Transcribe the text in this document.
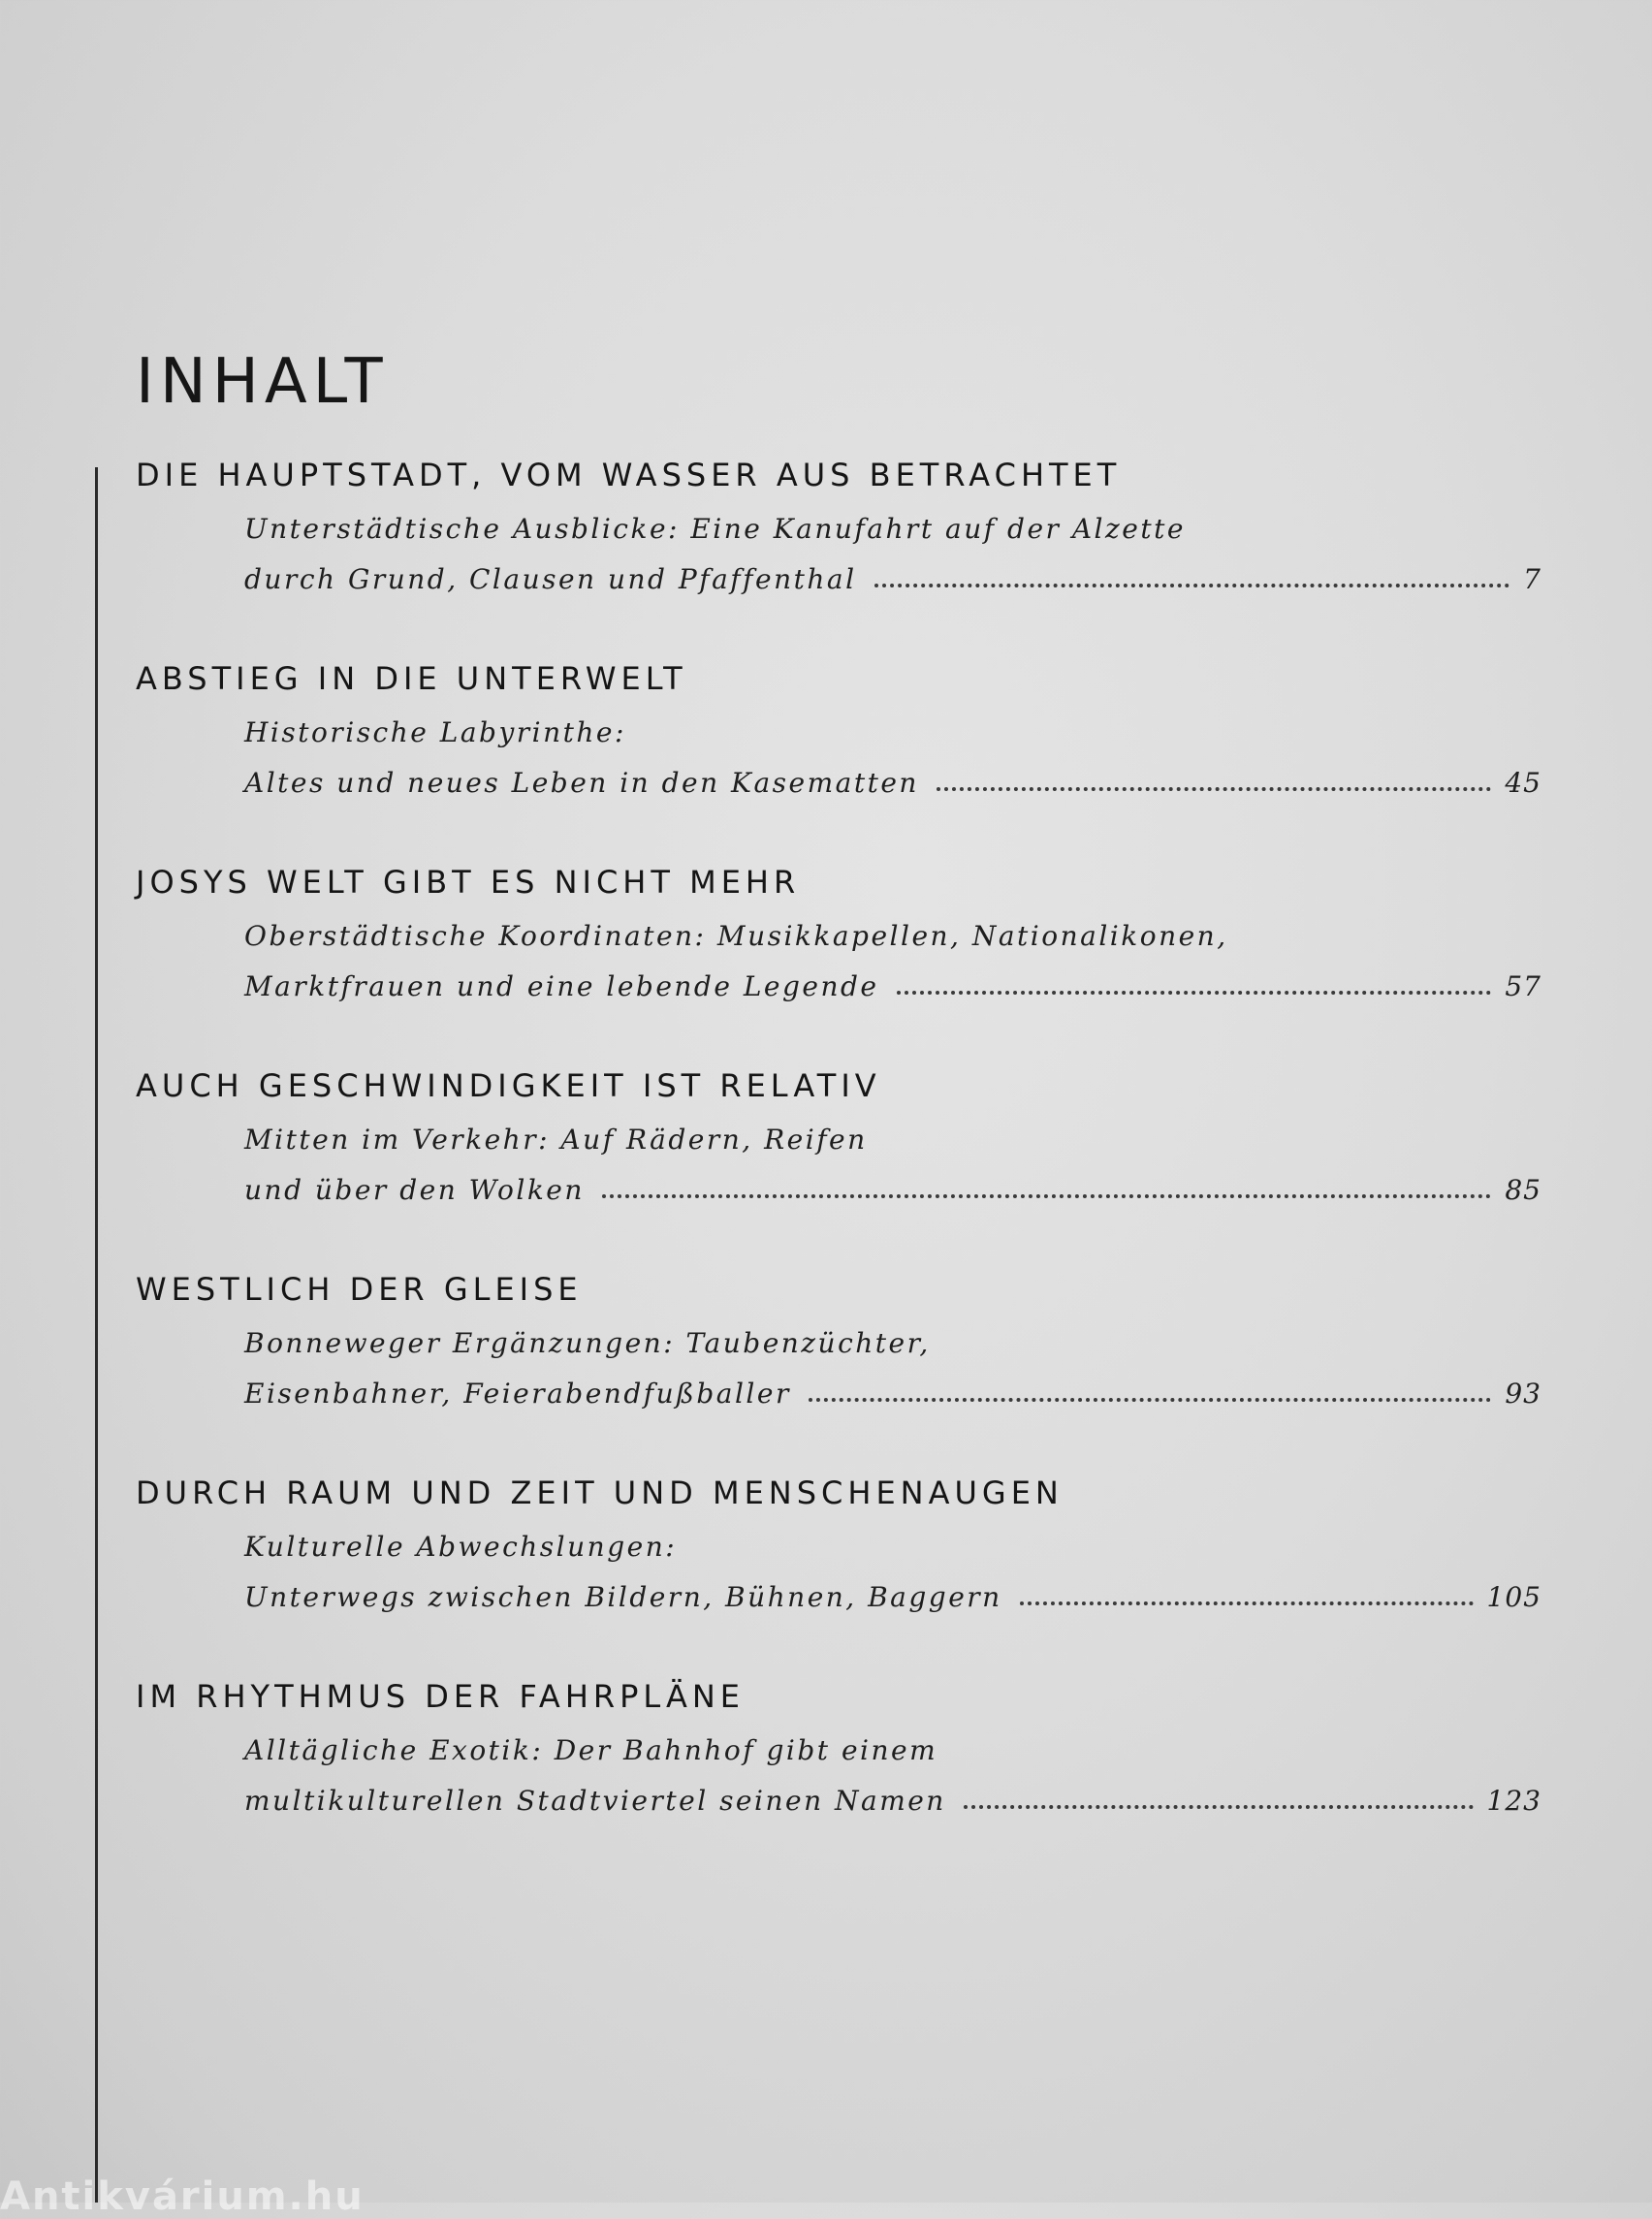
INHALT
DIE HAUPTSTADT, VOM WASSER AUS BETRACHTET
Unterstädtische Ausblicke: Eine Kanufahrt auf der Alzette
durch Grund, Clausen und Pfaffenthal	7
ABSTIEG IN DIE UNTERWELT
Historische Labyrinthe:
Altes und neues Leben in den Kasematten	45
JOSYS WELT GIBT ES NICHT MEHR
Oberstädtische Koordinaten: Musikkapellen, Nationalikonen,
Marktfrauen und eine lebende Legende	57
AUCH GESCHWINDIGKEIT IST RELATIV
Mitten im Verkehr: Auf Rädern, Reifen
und über den Wolken	85
WESTLICH DER GLEISE
Bonneweger Ergänzungen: Taubenzüchter,
Eisenbahner, Feierabendfußballer	93
DURCH RAUM UND ZEIT UND MENSCHENAUGEN
Kulturelle Abwechslungen:
Unterwegs zwischen Bildern, Bühnen, Baggern	105
IM RHYTHMUS DER FAHRPLÄNE
Alltägliche Exotik: Der Bahnhof gibt einem
multikulturellen Stadtviertel seinen Namen	123
Antikvárium.hu
